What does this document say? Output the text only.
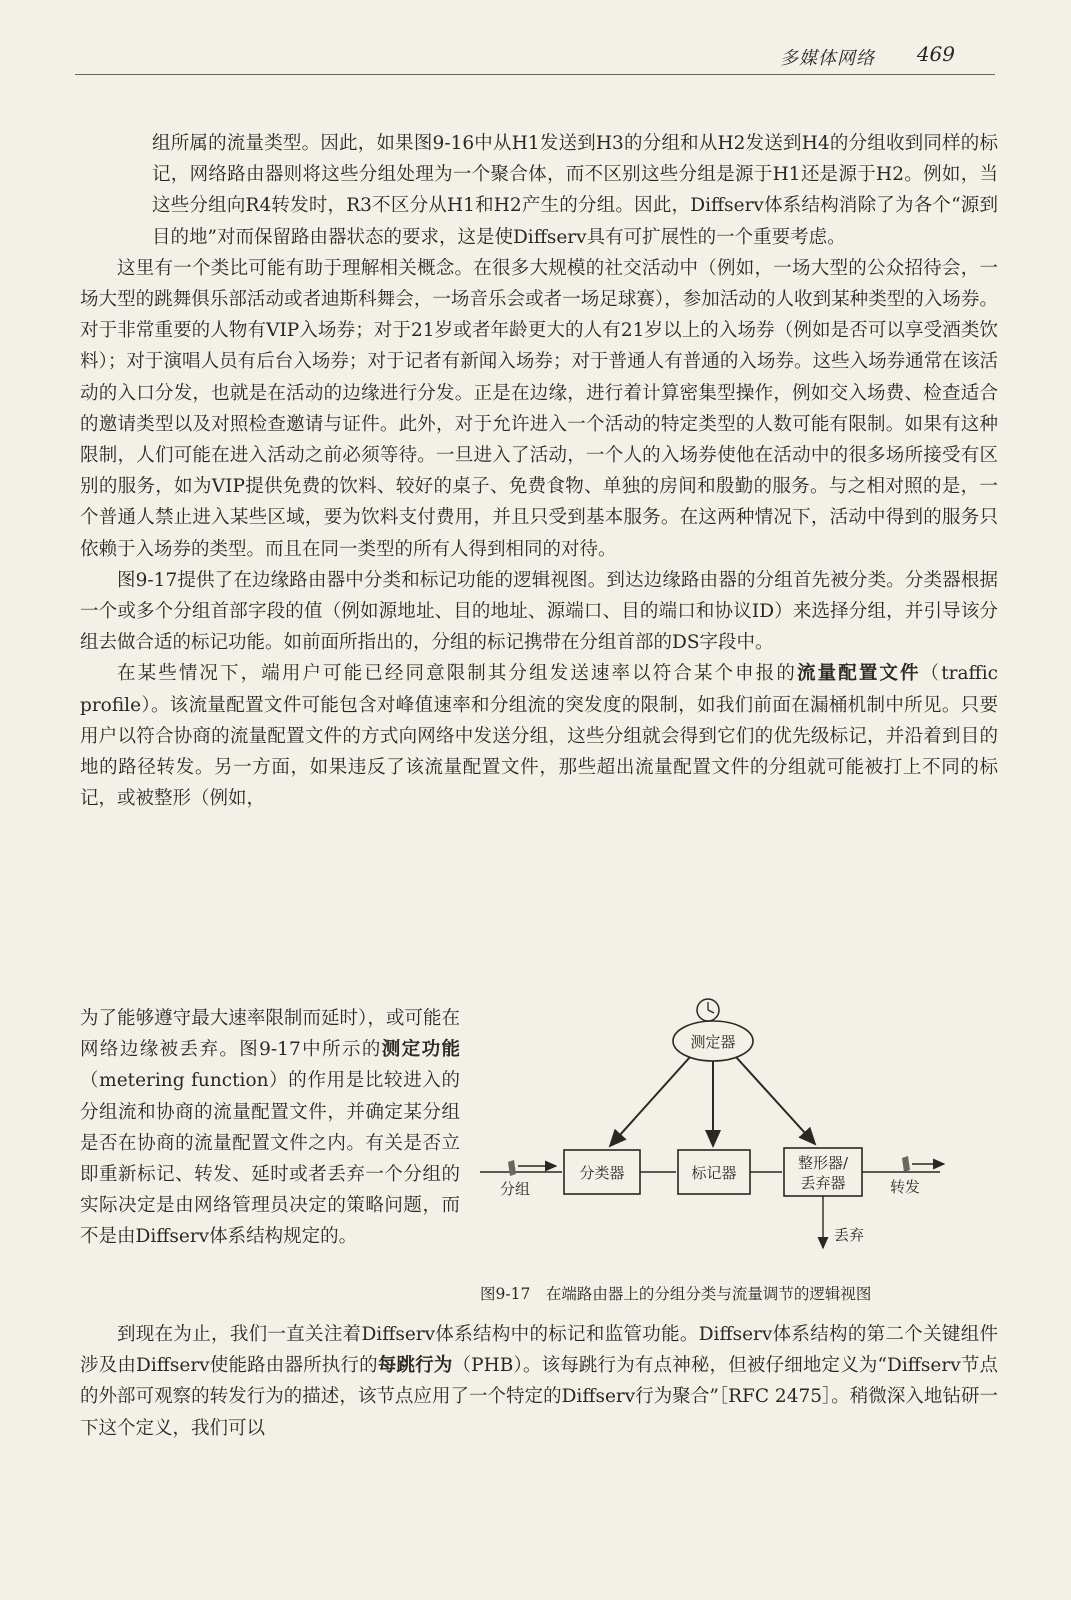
多媒体网络 469

组所属的流量类型。因此，如果图9-16中从H1发送到H3的分组和从H2发送到H4的分组收到同样的标记，网络路由器则将这些分组处理为一个聚合体，而不区别这些分组是源于H1还是源于H2。例如，当这些分组向R4转发时，R3不区分从H1和H2产生的分组。因此，Diffserv体系结构消除了为各个“源到目的地”对而保留路由器状态的要求，这是使Diffserv具有可扩展性的一个重要考虑。

这里有一个类比可能有助于理解相关概念。在很多大规模的社交活动中（例如，一场大型的公众招待会，一场大型的跳舞俱乐部活动或者迪斯科舞会，一场音乐会或者一场足球赛），参加活动的人收到某种类型的入场券。对于非常重要的人物有VIP入场券；对于21岁或者年龄更大的人有21岁以上的入场券（例如是否可以享受酒类饮料）；对于演唱人员有后台入场券；对于记者有新闻入场券；对于普通人有普通的入场券。这些入场券通常在该活动的入口分发，也就是在活动的边缘进行分发。正是在边缘，进行着计算密集型操作，例如交入场费、检查适合的邀请类型以及对照检查邀请与证件。此外，对于允许进入一个活动的特定类型的人数可能有限制。如果有这种限制，人们可能在进入活动之前必须等待。一旦进入了活动，一个人的入场券使他在活动中的很多场所接受有区别的服务，如为VIP提供免费的饮料、较好的桌子、免费食物、单独的房间和殷勤的服务。与之相对照的是，一个普通人禁止进入某些区域，要为饮料支付费用，并且只受到基本服务。在这两种情况下，活动中得到的服务只依赖于入场券的类型。而且在同一类型的所有人得到相同的对待。

图9-17提供了在边缘路由器中分类和标记功能的逻辑视图。到达边缘路由器的分组首先被分类。分类器根据一个或多个分组首部字段的值（例如源地址、目的地址、源端口、目的端口和协议ID）来选择分组，并引导该分组去做合适的标记功能。如前面所指出的，分组的标记携带在分组首部的DS字段中。

在某些情况下，端用户可能已经同意限制其分组发送速率以符合某个申报的流量配置文件（traffic profile）。该流量配置文件可能包含对峰值速率和分组流的突发度的限制，如我们前面在漏桶机制中所见。只要用户以符合协商的流量配置文件的方式向网络中发送分组，这些分组就会得到它们的优先级标记，并沿着到目的地的路径转发。另一方面，如果违反了该流量配置文件，那些超出流量配置文件的分组就可能被打上不同的标记，或被整形（例如，

为了能够遵守最大速率限制而延时），或可能在网络边缘被丢弃。图9-17中所示的测定功能（metering function）的作用是比较进入的分组流和协商的流量配置文件，并确定某分组是否在协商的流量配置文件之内。有关是否立即重新标记、转发、延时或者丢弃一个分组的实际决定是由网络管理员决定的策略问题，而不是由Diffserv体系结构规定的。

测定器
分类器	标记器
整形器/
丢弃器
分组	转发
丢弃
图9-17　在端路由器上的分组分类与流量调节的逻辑视图

到现在为止，我们一直关注着Diffserv体系结构中的标记和监管功能。Diffserv体系结构的第二个关键组件涉及由Diffserv使能路由器所执行的每跳行为（PHB）。该每跳行为有点神秘，但被仔细地定义为“Diffserv节点的外部可观察的转发行为的描述，该节点应用了一个特定的Diffserv行为聚合”［RFC 2475］。稍微深入地钻研一下这个定义，我们可以
